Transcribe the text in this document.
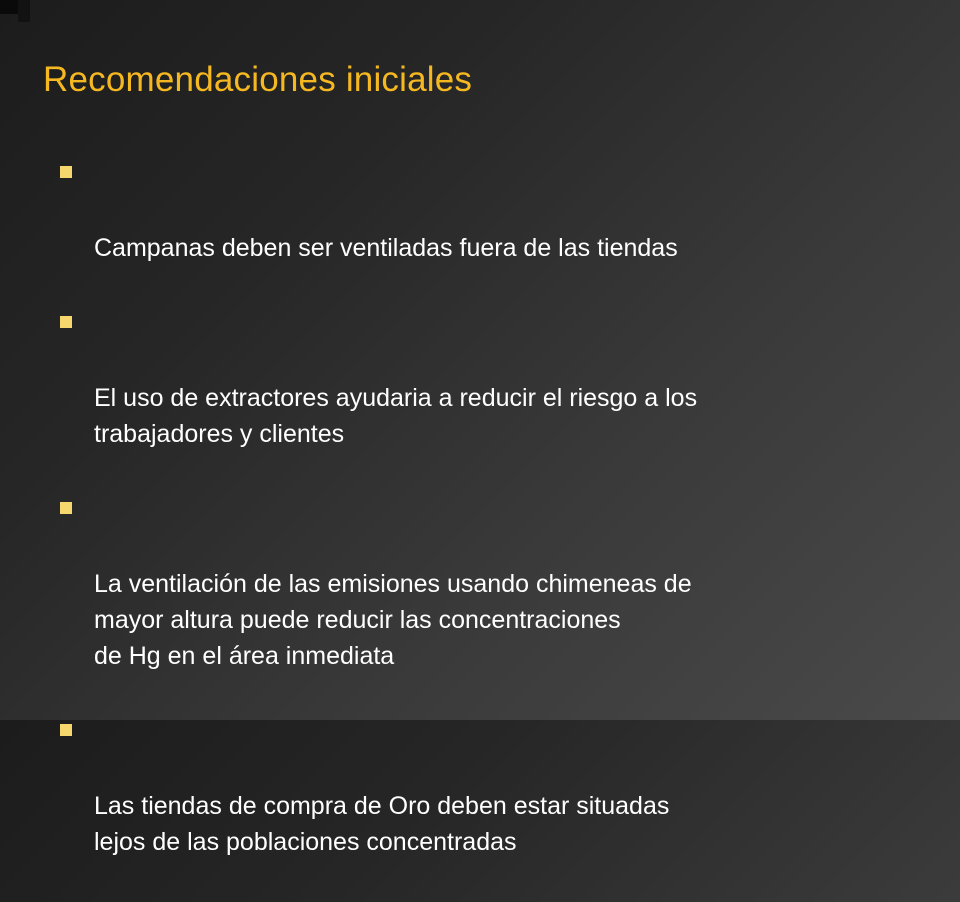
Recomendaciones iniciales

Campanas deben ser ventiladas fuera de las tiendas

El uso de extractores ayudaria a reducir el riesgo a los
trabajadores y clientes

La ventilación de las emisiones usando chimeneas de
mayor altura puede reducir las concentraciones
de Hg en el área inmediata

Las tiendas de compra de Oro deben estar situadas
lejos de las poblaciones concentradas
